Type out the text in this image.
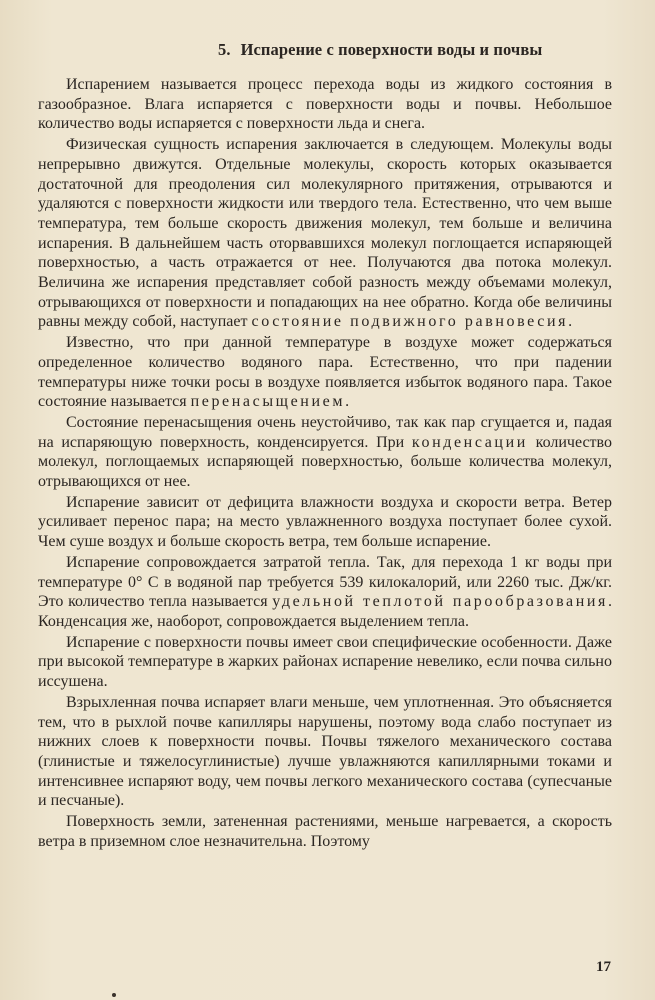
5. Испарение с поверхности воды и почвы

Испарением называется процесс перехода воды из жидкого состояния в газообразное. Влага испаряется с поверхности воды и почвы. Небольшое количество воды испаряется с поверхности льда и снега.

Физическая сущность испарения заключается в следующем. Молекулы воды непрерывно движутся. Отдельные молекулы, скорость которых оказывается достаточной для преодоления сил молекулярного притяжения, отрываются и удаляются с поверхности жидкости или твердого тела. Естественно, что чем выше температура, тем больше скорость движения молекул, тем больше и величина испарения. В дальнейшем часть оторвавшихся молекул поглощается испаряющей поверхностью, а часть отражается от нее. Получаются два потока молекул. Величина же испарения представляет собой разность между объемами молекул, отрывающихся от поверхности и попадающих на нее обратно. Когда обе величины равны между собой, наступает состояние подвижного равновесия.

Известно, что при данной температуре в воздухе может содержаться определенное количество водяного пара. Естественно, что при падении температуры ниже точки росы в воздухе появляется избыток водяного пара. Такое состояние называется перенасыщением.

Состояние перенасыщения очень неустойчиво, так как пар сгущается и, падая на испаряющую поверхность, конденсируется. При конденсации количество молекул, поглощаемых испаряющей поверхностью, больше количества молекул, отрывающихся от нее.

Испарение зависит от дефицита влажности воздуха и скорости ветра. Ветер усиливает перенос пара; на место увлажненного воздуха поступает более сухой. Чем суше воздух и больше скорость ветра, тем больше испарение.

Испарение сопровождается затратой тепла. Так, для перехода 1 кг воды при температуре 0° С в водяной пар требуется 539 килокалорий, или 2260 тыс. Дж/кг. Это количество тепла называется удельной теплотой парообразования. Конденсация же, наоборот, сопровождается выделением тепла.

Испарение с поверхности почвы имеет свои специфические особенности. Даже при высокой температуре в жарких районах испарение невелико, если почва сильно иссушена.

Взрыхленная почва испаряет влаги меньше, чем уплотненная. Это объясняется тем, что в рыхлой почве капилляры нарушены, поэтому вода слабо поступает из нижних слоев к поверхности почвы. Почвы тяжелого механического состава (глинистые и тяжелосуглинистые) лучше увлажняются капиллярными токами и интенсивнее испаряют воду, чем почвы легкого механического состава (супесчаные и песчаные).

Поверхность земли, затененная растениями, меньше нагревается, а скорость ветра в приземном слое незначительна. Поэтому

17
